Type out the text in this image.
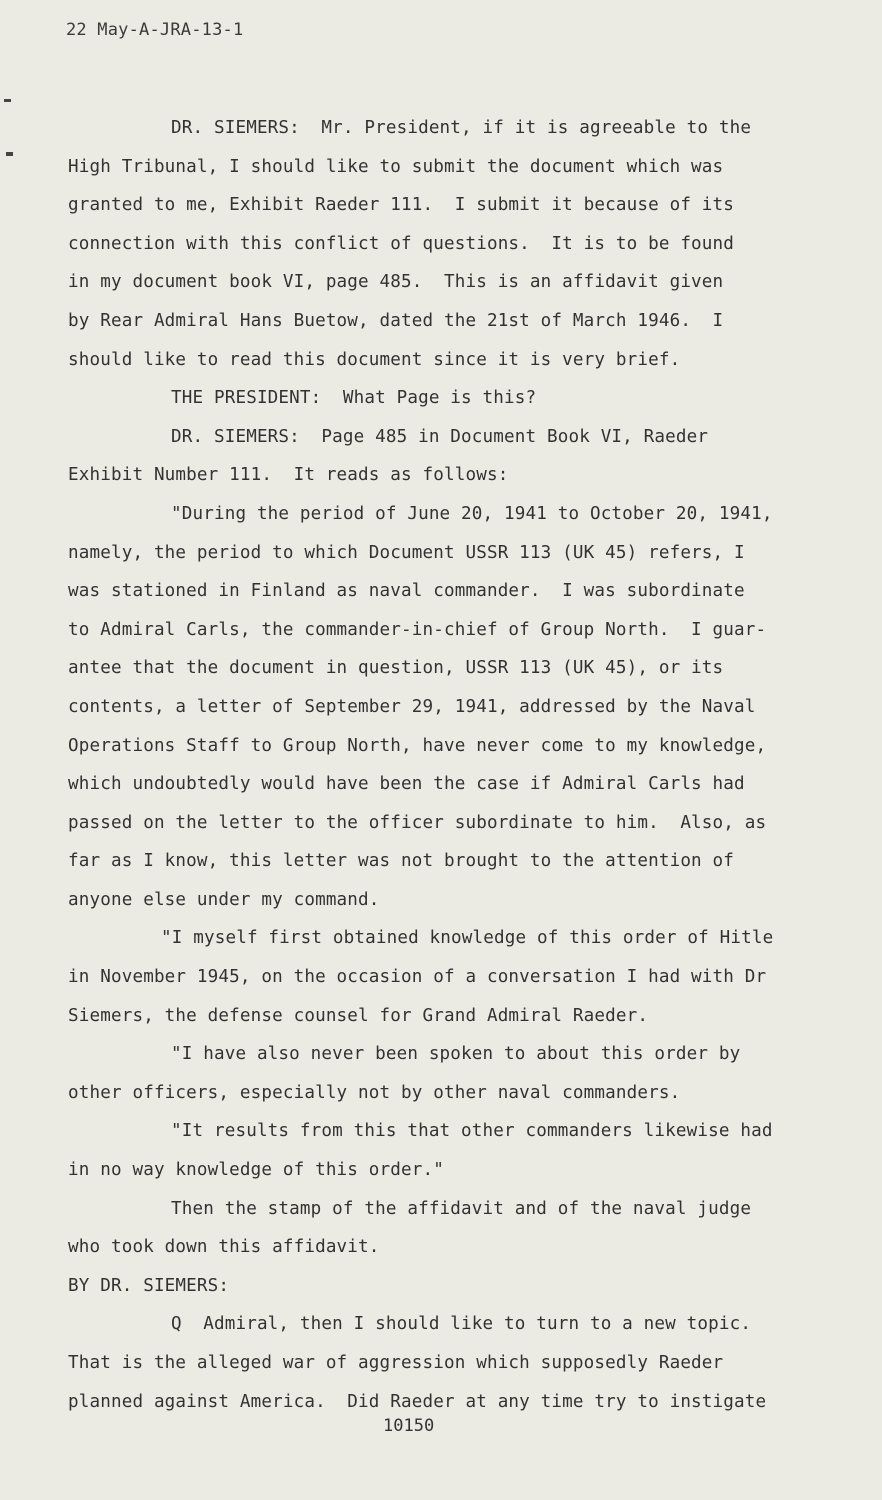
22 May-A-JRA-13-1
DR. SIEMERS:  Mr. President, if it is agreeable to the
High Tribunal, I should like to submit the document which was
granted to me, Exhibit Raeder 111.  I submit it because of its
connection with this conflict of questions.  It is to be found
in my document book VI, page 485.  This is an affidavit given
by Rear Admiral Hans Buetow, dated the 21st of March 1946.  I
should like to read this document since it is very brief.
THE PRESIDENT:  What Page is this?
DR. SIEMERS:  Page 485 in Document Book VI, Raeder
Exhibit Number 111.  It reads as follows:
"During the period of June 20, 1941 to October 20, 1941,
namely, the period to which Document USSR 113 (UK 45) refers, I
was stationed in Finland as naval commander.  I was subordinate
to Admiral Carls, the commander-in-chief of Group North.  I guar-
antee that the document in question, USSR 113 (UK 45), or its
contents, a letter of September 29, 1941, addressed by the Naval
Operations Staff to Group North, have never come to my knowledge,
which undoubtedly would have been the case if Admiral Carls had
passed on the letter to the officer subordinate to him.  Also, as
far as I know, this letter was not brought to the attention of
anyone else under my command.
"I myself first obtained knowledge of this order of Hitle
in November 1945, on the occasion of a conversation I had with Dr
Siemers, the defense counsel for Grand Admiral Raeder.
"I have also never been spoken to about this order by
other officers, especially not by other naval commanders.
"It results from this that other commanders likewise had
in no way knowledge of this order."
Then the stamp of the affidavit and of the naval judge
who took down this affidavit.
BY DR. SIEMERS:
Q  Admiral, then I should like to turn to a new topic.
That is the alleged war of aggression which supposedly Raeder
planned against America.  Did Raeder at any time try to instigate
10150
